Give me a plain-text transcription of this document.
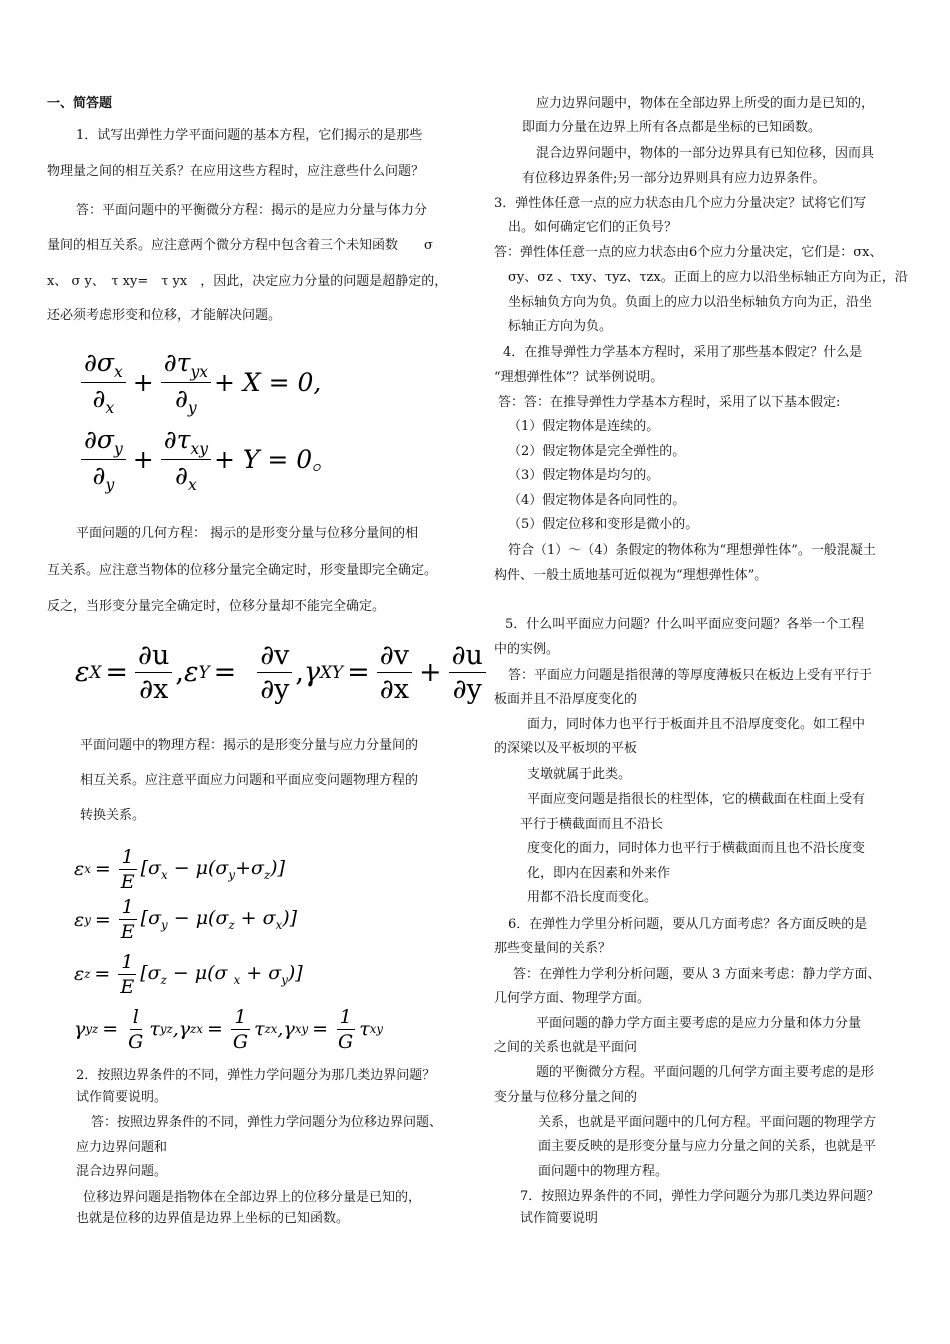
一、简答题
1．试写出弹性力学平面问题的基本方程，它们揭示的是那些
物理量之间的相互关系？在应用这些方程时，应注意些什么问题？
答：平面问题中的平衡微分方程：揭示的是应力分量与体力分
量间的相互关系。应注意两个微分方程中包含着三个未知函数　　σ
x、 σ y、　τ xy=　τ yx　，因此，决定应力分量的问题是超静定的，
还必须考虑形变和位移，才能解决问题。
$\frac{\partial\sigma_x}{\partial_x} + \frac{\partial\tau_{yx}}{\partial_y} + X = 0$,
$\frac{\partial\sigma_y}{\partial_y} + \frac{\partial\tau_{xy}}{\partial_x} + Y = 0$ 。
平面问题的几何方程： 揭示的是形变分量与位移分量间的相
互关系。应注意当物体的位移分量完全确定时，形变量即完全确定。
反之，当形变分量完全确定时，位移分量却不能完全确定。
ε $X = \frac{\partial u}{\partial x}$ , ε $Y = \frac{\partial v}{\partial y}$ , γ XY = $\frac{\partial v}{\partial x} + \frac{\partial u}{\partial y}$
平面问题中的物理方程：揭示的是形变分量与应力分量间的
相互关系。应注意平面应力问题和平面应变问题物理方程的
转换关系。
ε $x = \frac{1}{E} [\sigma_x - \mu(\sigma_y+\sigma_z)]$
ε $y = \frac{1}{E} [\sigma_y - \mu(\sigma_z + \sigma_x)]$
ε $z = \frac{1}{E} [\sigma_z - \mu(\sigma$ $_x + \sigma_y$)]
γ yz = $\frac{l}{G}$ τ yz , γ zx = $\frac{1}{G}$ τ zx , γ xy = $\frac{1}{G}$ τ xy
2．按照边界条件的不同，弹性力学问题分为那几类边界问题？
试作简要说明。
答：按照边界条件的不同，弹性力学问题分为位移边界问题、
应力边界问题和
混合边界问题。
位移边界问题是指物体在全部边界上的位移分量是已知的，
也就是位移的边界值是边界上坐标的已知函数。
应力边界问题中，物体在全部边界上所受的面力是已知的，
即面力分量在边界上所有各点都是坐标的已知函数。
混合边界问题中，物体的一部分边界具有已知位移，因而具
有位移边界条件;另一部分边界则具有应力边界条件。
3．弹性体任意一点的应力状态由几个应力分量决定？试将它们写
出。如何确定它们的正负号？
答：弹性体任意一点的应力状态由6个应力分量决定，它们是：σx、
σy、σz 、τxy、τyz、τzx。正面上的应力以沿坐标轴正方向为正，沿
坐标轴负方向为负。负面上的应力以沿坐标轴负方向为正，沿坐
标轴正方向为负。
4．在推导弹性力学基本方程时，采用了那些基本假定？什么是
“理想弹性体”？试举例说明。
答：答：在推导弹性力学基本方程时，采用了以下基本假定:
（1）假定物体是连续的。
（2）假定物体是完全弹性的。
（3）假定物体是均匀的。
（4）假定物体是各向同性的。
（5）假定位移和变形是微小的。
符合（1）～（4）条假定的物体称为“理想弹性体”。一般混凝土
构件、一般土质地基可近似视为“理想弹性体”。
5．什么叫平面应力问题？什么叫平面应变问题？各举一个工程
中的实例。
答：平面应力问题是指很薄的等厚度薄板只在板边上受有平行于
板面并且不沿厚度变化的
面力，同时体力也平行于板面并且不沿厚度变化。如工程中
的深梁以及平板坝的平板
支墩就属于此类。
平面应变问题是指很长的柱型体，它的横截面在柱面上受有
平行于横截面而且不沿长
度变化的面力，同时体力也平行于横截面而且也不沿长度变
化，即内在因素和外来作
用都不沿长度而变化。
6．在弹性力学里分析问题，要从几方面考虑？各方面反映的是
那些变量间的关系？
答：在弹性力学利分析问题，要从 3 方面来考虑：静力学方面、
几何学方面、物理学方面。
平面问题的静力学方面主要考虑的是应力分量和体力分量
之间的关系也就是平面问
题的平衡微分方程。平面问题的几何学方面主要考虑的是形
变分量与位移分量之间的
关系，也就是平面问题中的几何方程。平面问题的物理学方
面主要反映的是形变分量与应力分量之间的关系，也就是平
面问题中的物理方程。
7．按照边界条件的不同，弹性力学问题分为那几类边界问题？
试作简要说明
